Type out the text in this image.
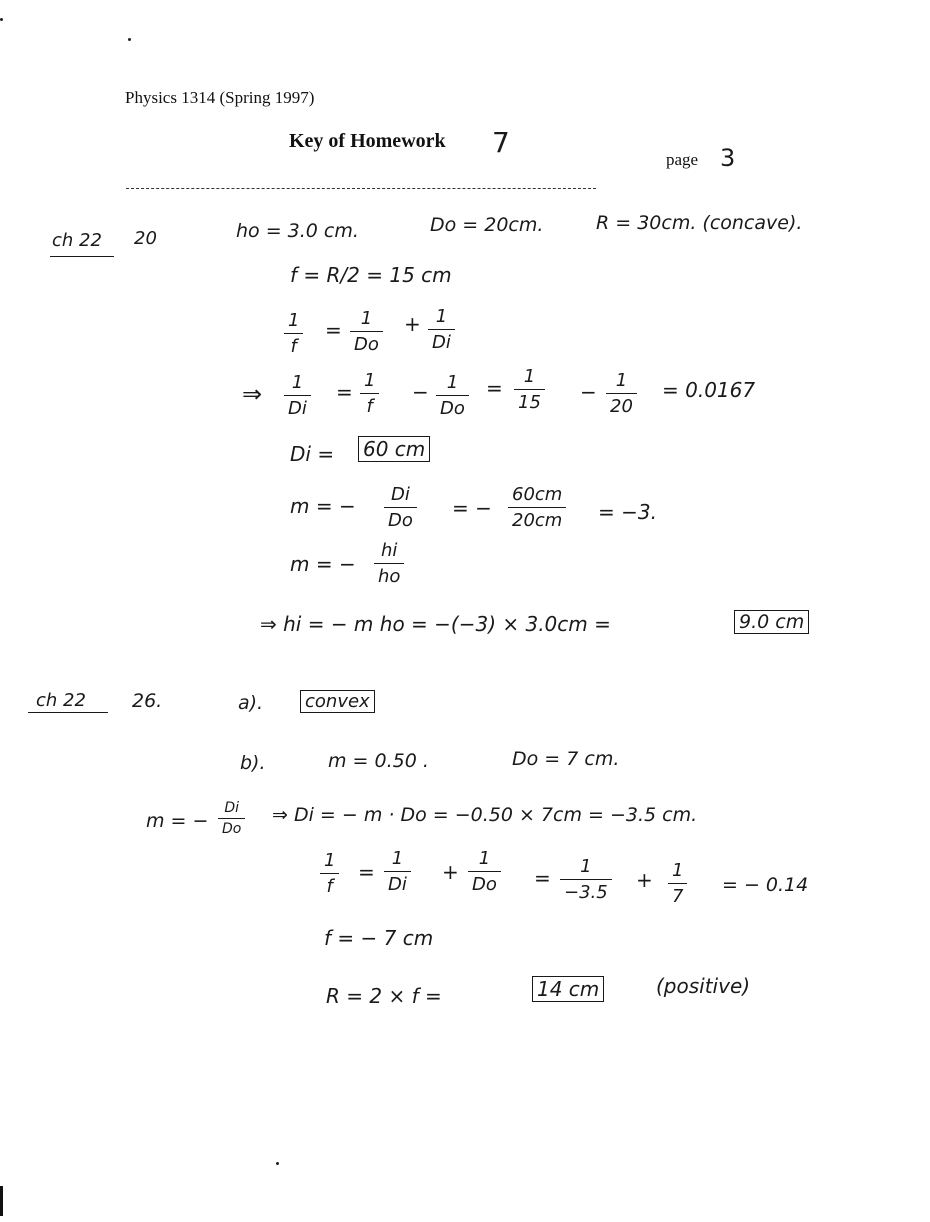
Physics 1314 (Spring 1997)
Key of Homework 7
page 3
ch 22 20	ho = 3.0 cm.	Do = 20cm.	R = 30cm. (concave).
f = R/2 = 15 cm
1
f
= 1
Do
+ 1
Di
⇒ 1
Di
= 1
f
− 1
Do
= 1
15 − 1
20
= 0.0167
Di = 60 cm
m = − Di
Do
= −
60cm
20cm = −3.
m = −
hi
ho
⇒ hi = − m ho = −(−3) × 3.0cm =	9.0 cm
ch 22 26.	a). convex
b).	m = 0.50 .	Do = 7 cm.
m = −
Di
Do
⇒ Di = − m · Do = −0.50 × 7cm = −3.5 cm.
1
f
=
1
Di
+
1
Do = 1
−3.5
+ 1
7
= − 0.14
f = − 7 cm
R = 2 × f =	14 cm	(positive)
